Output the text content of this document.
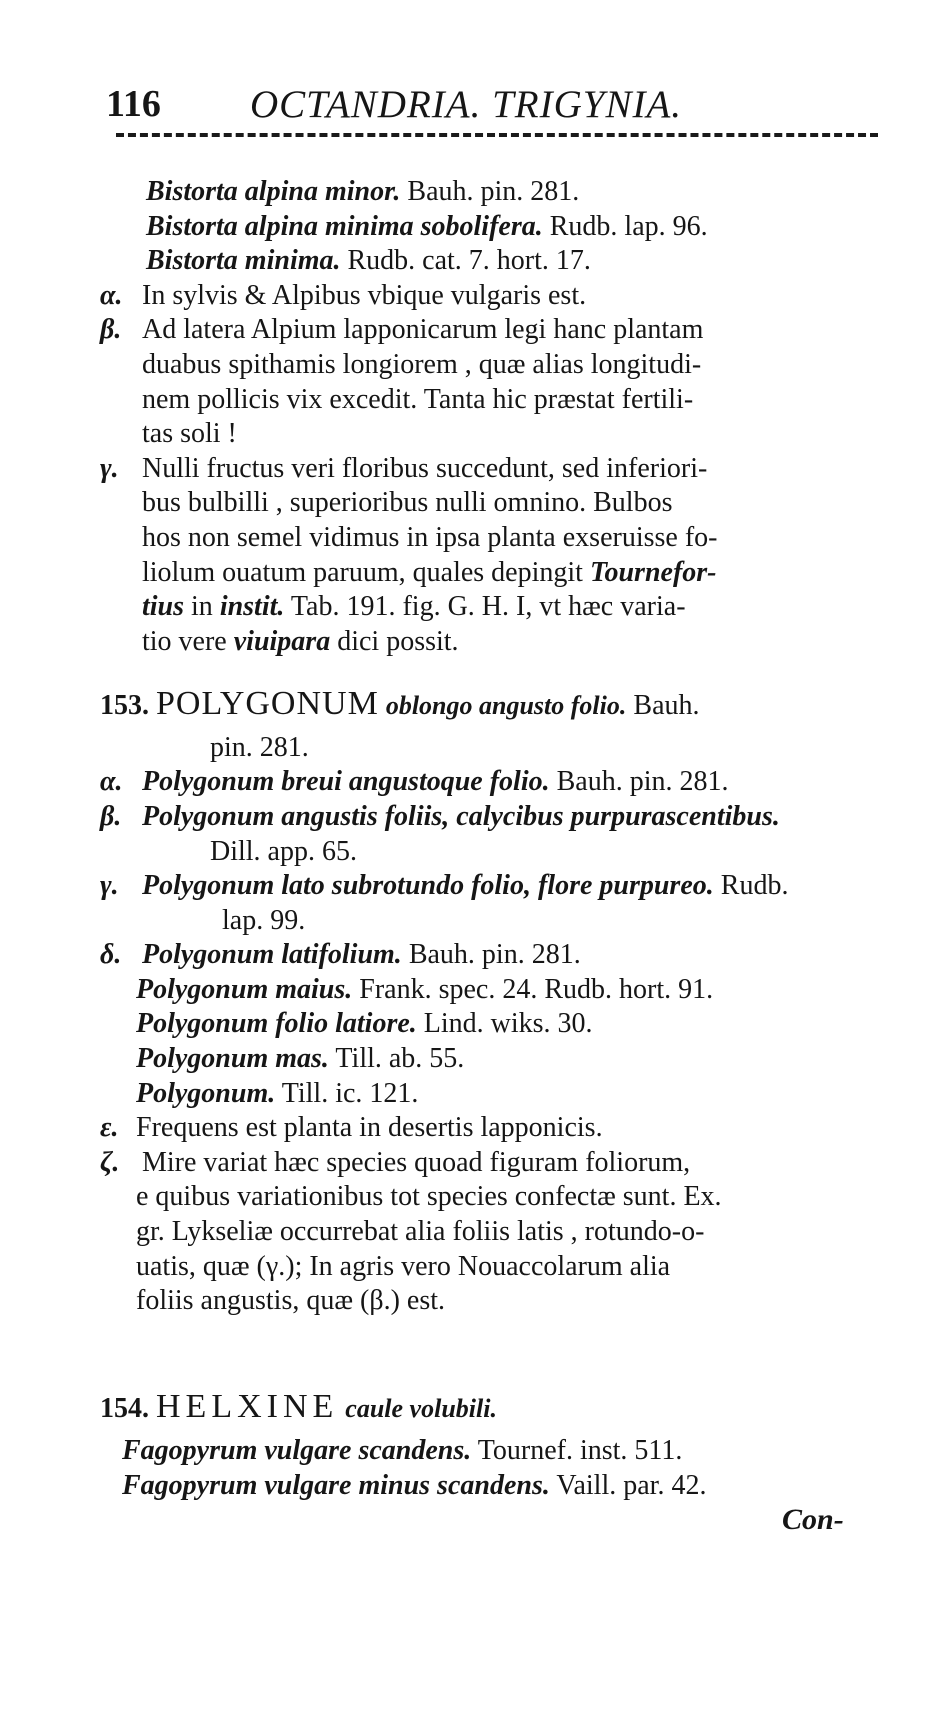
116 OCTANDRIA. TRIGYNIA.
Bistorta alpina minor. Bauh. pin. 281.
Bistorta alpina minima sobolifera. Rudb. lap. 96.
Bistorta minima. Rudb. cat. 7. hort. 17.
α. In sylvis & Alpibus vbique vulgaris est.
β. Ad latera Alpium lapponicarum legi hanc plantam
duabus spithamis longiorem , quæ alias longitudi-
nem pollicis vix excedit. Tanta hic præstat fertili-
tas soli !
γ. Nulli fructus veri floribus succedunt, sed inferiori-
bus bulbilli , superioribus nulli omnino. Bulbos
hos non semel vidimus in ipsa planta exseruisse fo-
liolum ouatum paruum, quales depingit Tournefor-
tius in instit. Tab. 191. fig. G. H. I, vt hæc varia-
tio vere viuipara dici possit.
153. POLYGONUM oblongo angusto folio. Bauh.
pin. 281.
α. Polygonum breui angustoque folio. Bauh. pin. 281.
β. Polygonum angustis foliis, calycibus purpurascentibus.
Dill. app. 65.
γ. Polygonum lato subrotundo folio, flore purpureo. Rudb.
lap. 99.
δ. Polygonum latifolium. Bauh. pin. 281.
Polygonum maius. Frank. spec. 24. Rudb. hort. 91.
Polygonum folio latiore. Lind. wiks. 30.
Polygonum mas. Till. ab. 55.
Polygonum. Till. ic. 121.
ε. Frequens est planta in desertis lapponicis.
ζ. Mire variat hæc species quoad figuram foliorum,
e quibus variationibus tot species confectæ sunt. Ex.
gr. Lykseliæ occurrebat alia foliis latis , rotundo-o-
uatis, quæ (γ.); In agris vero Nouaccolarum alia
foliis angustis, quæ (β.) est.
154. HELXINE caule volubili.
Fagopyrum vulgare scandens. Tournef. inst. 511.
Fagopyrum vulgare minus scandens. Vaill. par. 42.
Con-
